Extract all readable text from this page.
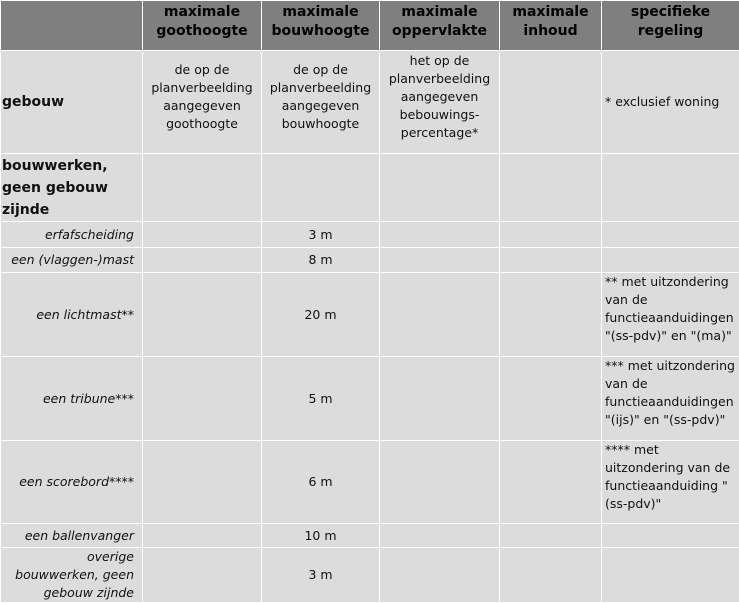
	maximale goothoogte	maximale bouwhoogte	maximale oppervlakte	maximale inhoud	specifieke regeling
gebouw	de op de planverbeelding aangegeven goothoogte	de op de planverbeelding aangegeven bouwhoogte	het op de planverbeelding aangegeven bebouwings-percentage*		* exclusief woning
bouwwerken, geen gebouw zijnde					
erfafscheiding		3 m			
een (vlaggen-)mast		8 m			
een lichtmast**		20 m			** met uitzondering van de functieaanduidingen "(ss-pdv)" en "(ma)"
een tribune***		5 m			*** met uitzondering van de functieaanduidingen "(ijs)" en "(ss-pdv)"
een scorebord****		6 m			**** met uitzondering van de functieaanduiding "(ss-pdv)"
een ballenvanger		10 m			
overige bouwwerken, geen gebouw zijnde		3 m			
